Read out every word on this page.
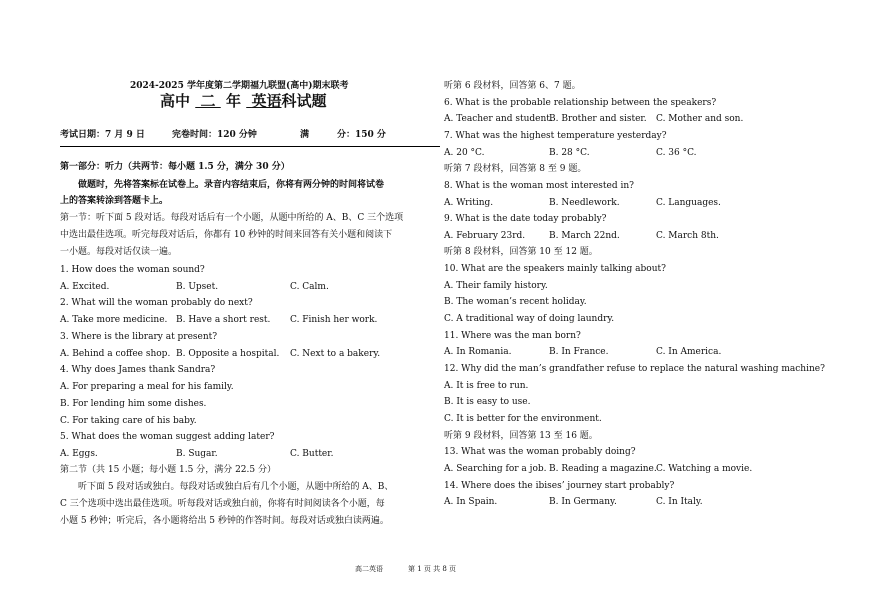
2024-2025 学年度第二学期福九联盟(高中)期末联考
高中 二 年 英语科试题
考试日期：7 月 9 日	完卷时间：120 分钟	满	分：150 分
第一部分：听力（共两节：每小题 1.5 分，满分 30 分）
做题时，先将答案标在试卷上。录音内容结束后，你将有两分钟的时间将试卷
上的答案转涂到答题卡上。
第一节：听下面 5 段对话。每段对话后有一个小题，从题中所给的 A、B、C 三个选项
中选出最佳选项。听完每段对话后，你都有 10 秒钟的时间来回答有关小题和阅读下
一小题。每段对话仅读一遍。
1. How does the woman sound?
A. Excited.	B. Upset.	C. Calm.
2. What will the woman probably do next?
A. Take more medicine. B. Have a short rest. C. Finish her work.
3. Where is the library at present?
A. Behind a coffee shop. B. Opposite a hospital. C. Next to a bakery.
4. Why does James thank Sandra?
A. For preparing a meal for his family.
B. For lending him some dishes.
C. For taking care of his baby.
5. What does the woman suggest adding later?
A. Eggs.	B. Sugar.	C. Butter.
第二节（共 15 小题；每小题 1.5 分，满分 22.5 分）
听下面 5 段对话或独白。每段对话或独白后有几个小题，从题中所给的 A、B、
C 三个选项中选出最佳选项。听每段对话或独白前，你将有时间阅读各个小题，每
小题 5 秒钟；听完后，各小题将给出 5 秒钟的作答时间。每段对话或独白读两遍。
听第 6 段材料，回答第 6、7 题。
6. What is the probable relationship between the speakers?
A. Teacher and student.
B. Brother and sister. C. Mother and son.
7. What was the highest temperature yesterday?
A. 20 °C.	B. 28 °C.	C. 36 °C.
听第 7 段材料，回答第 8 至 9 题。
8. What is the woman most interested in?
A. Writing.	B. Needlework.	C. Languages.
9. What is the date today probably?
A. February 23rd.	B. March 22nd.	C. March 8th.
听第 8 段材料，回答第 10 至 12 题。
10. What are the speakers mainly talking about?
A. Their family history.
B. The woman’s recent holiday.
C. A traditional way of doing laundry.
11. Where was the man born?
A. In Romania.	B. In France.	C. In America.
12. Why did the man’s grandfather refuse to replace the natural washing machine?
A. It is free to run.
B. It is easy to use.
C. It is better for the environment.
听第 9 段材料，回答第 13 至 16 题。
13. What was the woman probably doing?
A. Searching for a job. B. Reading a magazine. C. Watching a movie.
14. Where does the ibises’ journey start probably?
A. In Spain.	B. In Germany.	C. In Italy.
高二英语	第 1 页 共 8 页
